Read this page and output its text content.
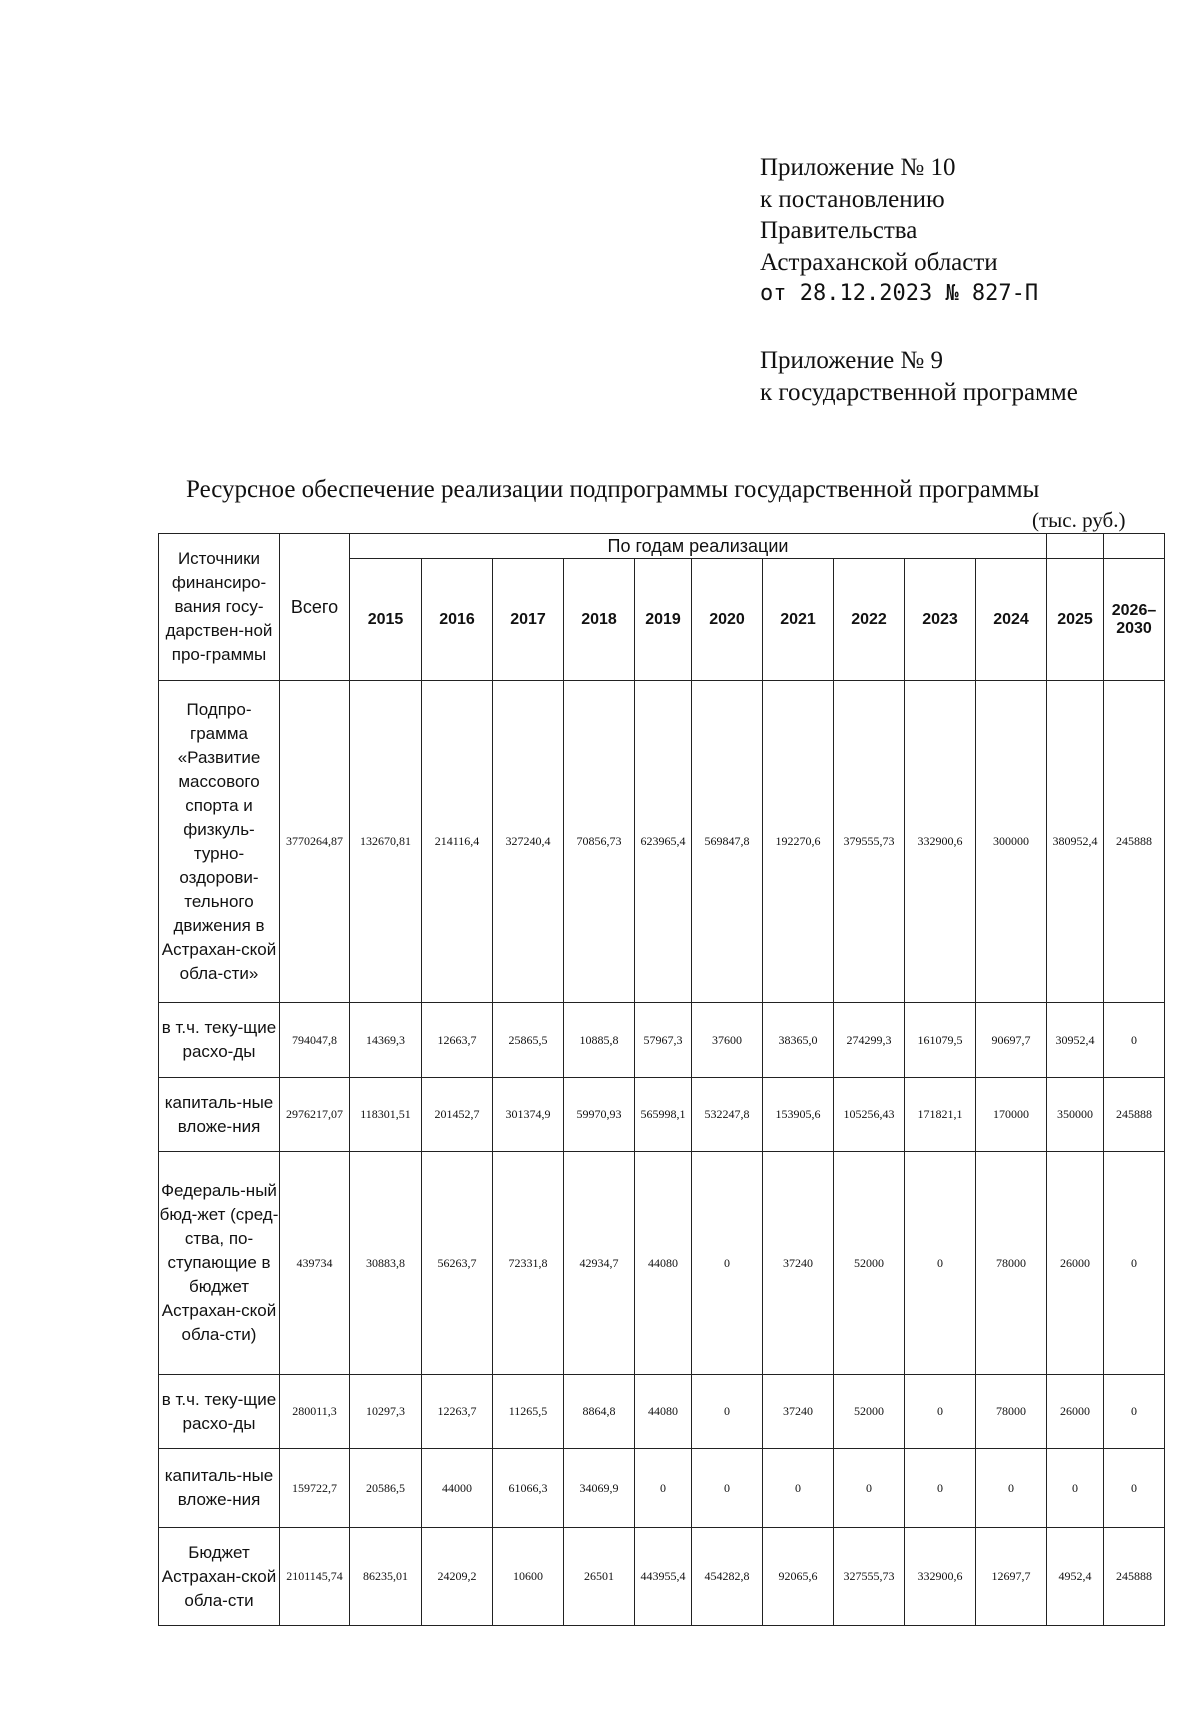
Приложение № 10
к постановлению
Правительства
Астраханской области
от 28.12.2023 № 827-П
Приложение № 9
к государственной программе
Ресурсное обеспечение реализации подпрограммы государственной программы
(тыс. руб.)
Источники финансиро-вания госу-дарствен-ной про-граммы	Всего	По годам реализации											
		2015	2016	2017	2018	2019	2020	2021	2022	2023	2024	2025	2026–2030
Подпро-грамма «Развитие массового спорта и физкуль-турно-оздорови-тельного движения в Астрахан-ской обла-сти»	3770264,87	132670,81	214116,4	327240,4	70856,73	623965,4	569847,8	192270,6	379555,73	332900,6	300000	380952,4	245888
в т.ч. теку-щие расхо-ды	794047,8	14369,3	12663,7	25865,5	10885,8	57967,3	37600	38365,0	274299,3	161079,5	90697,7	30952,4	0
капиталь-ные вложе-ния	2976217,07	118301,51	201452,7	301374,9	59970,93	565998,1	532247,8	153905,6	105256,43	171821,1	170000	350000	245888
Федераль-ный бюд-жет (сред-ства, по-ступающие в бюджет Астрахан-ской обла-сти)	439734	30883,8	56263,7	72331,8	42934,7	44080	0	37240	52000	0	78000	26000	0
в т.ч. теку-щие расхо-ды	280011,3	10297,3	12263,7	11265,5	8864,8	44080	0	37240	52000	0	78000	26000	0
капиталь-ные вложе-ния	159722,7	20586,5	44000	61066,3	34069,9	0	0	0	0	0	0	0	0
Бюджет Астрахан-ской обла-сти	2101145,74	86235,01	24209,2	10600	26501	443955,4	454282,8	92065,6	327555,73	332900,6	12697,7	4952,4	245888
